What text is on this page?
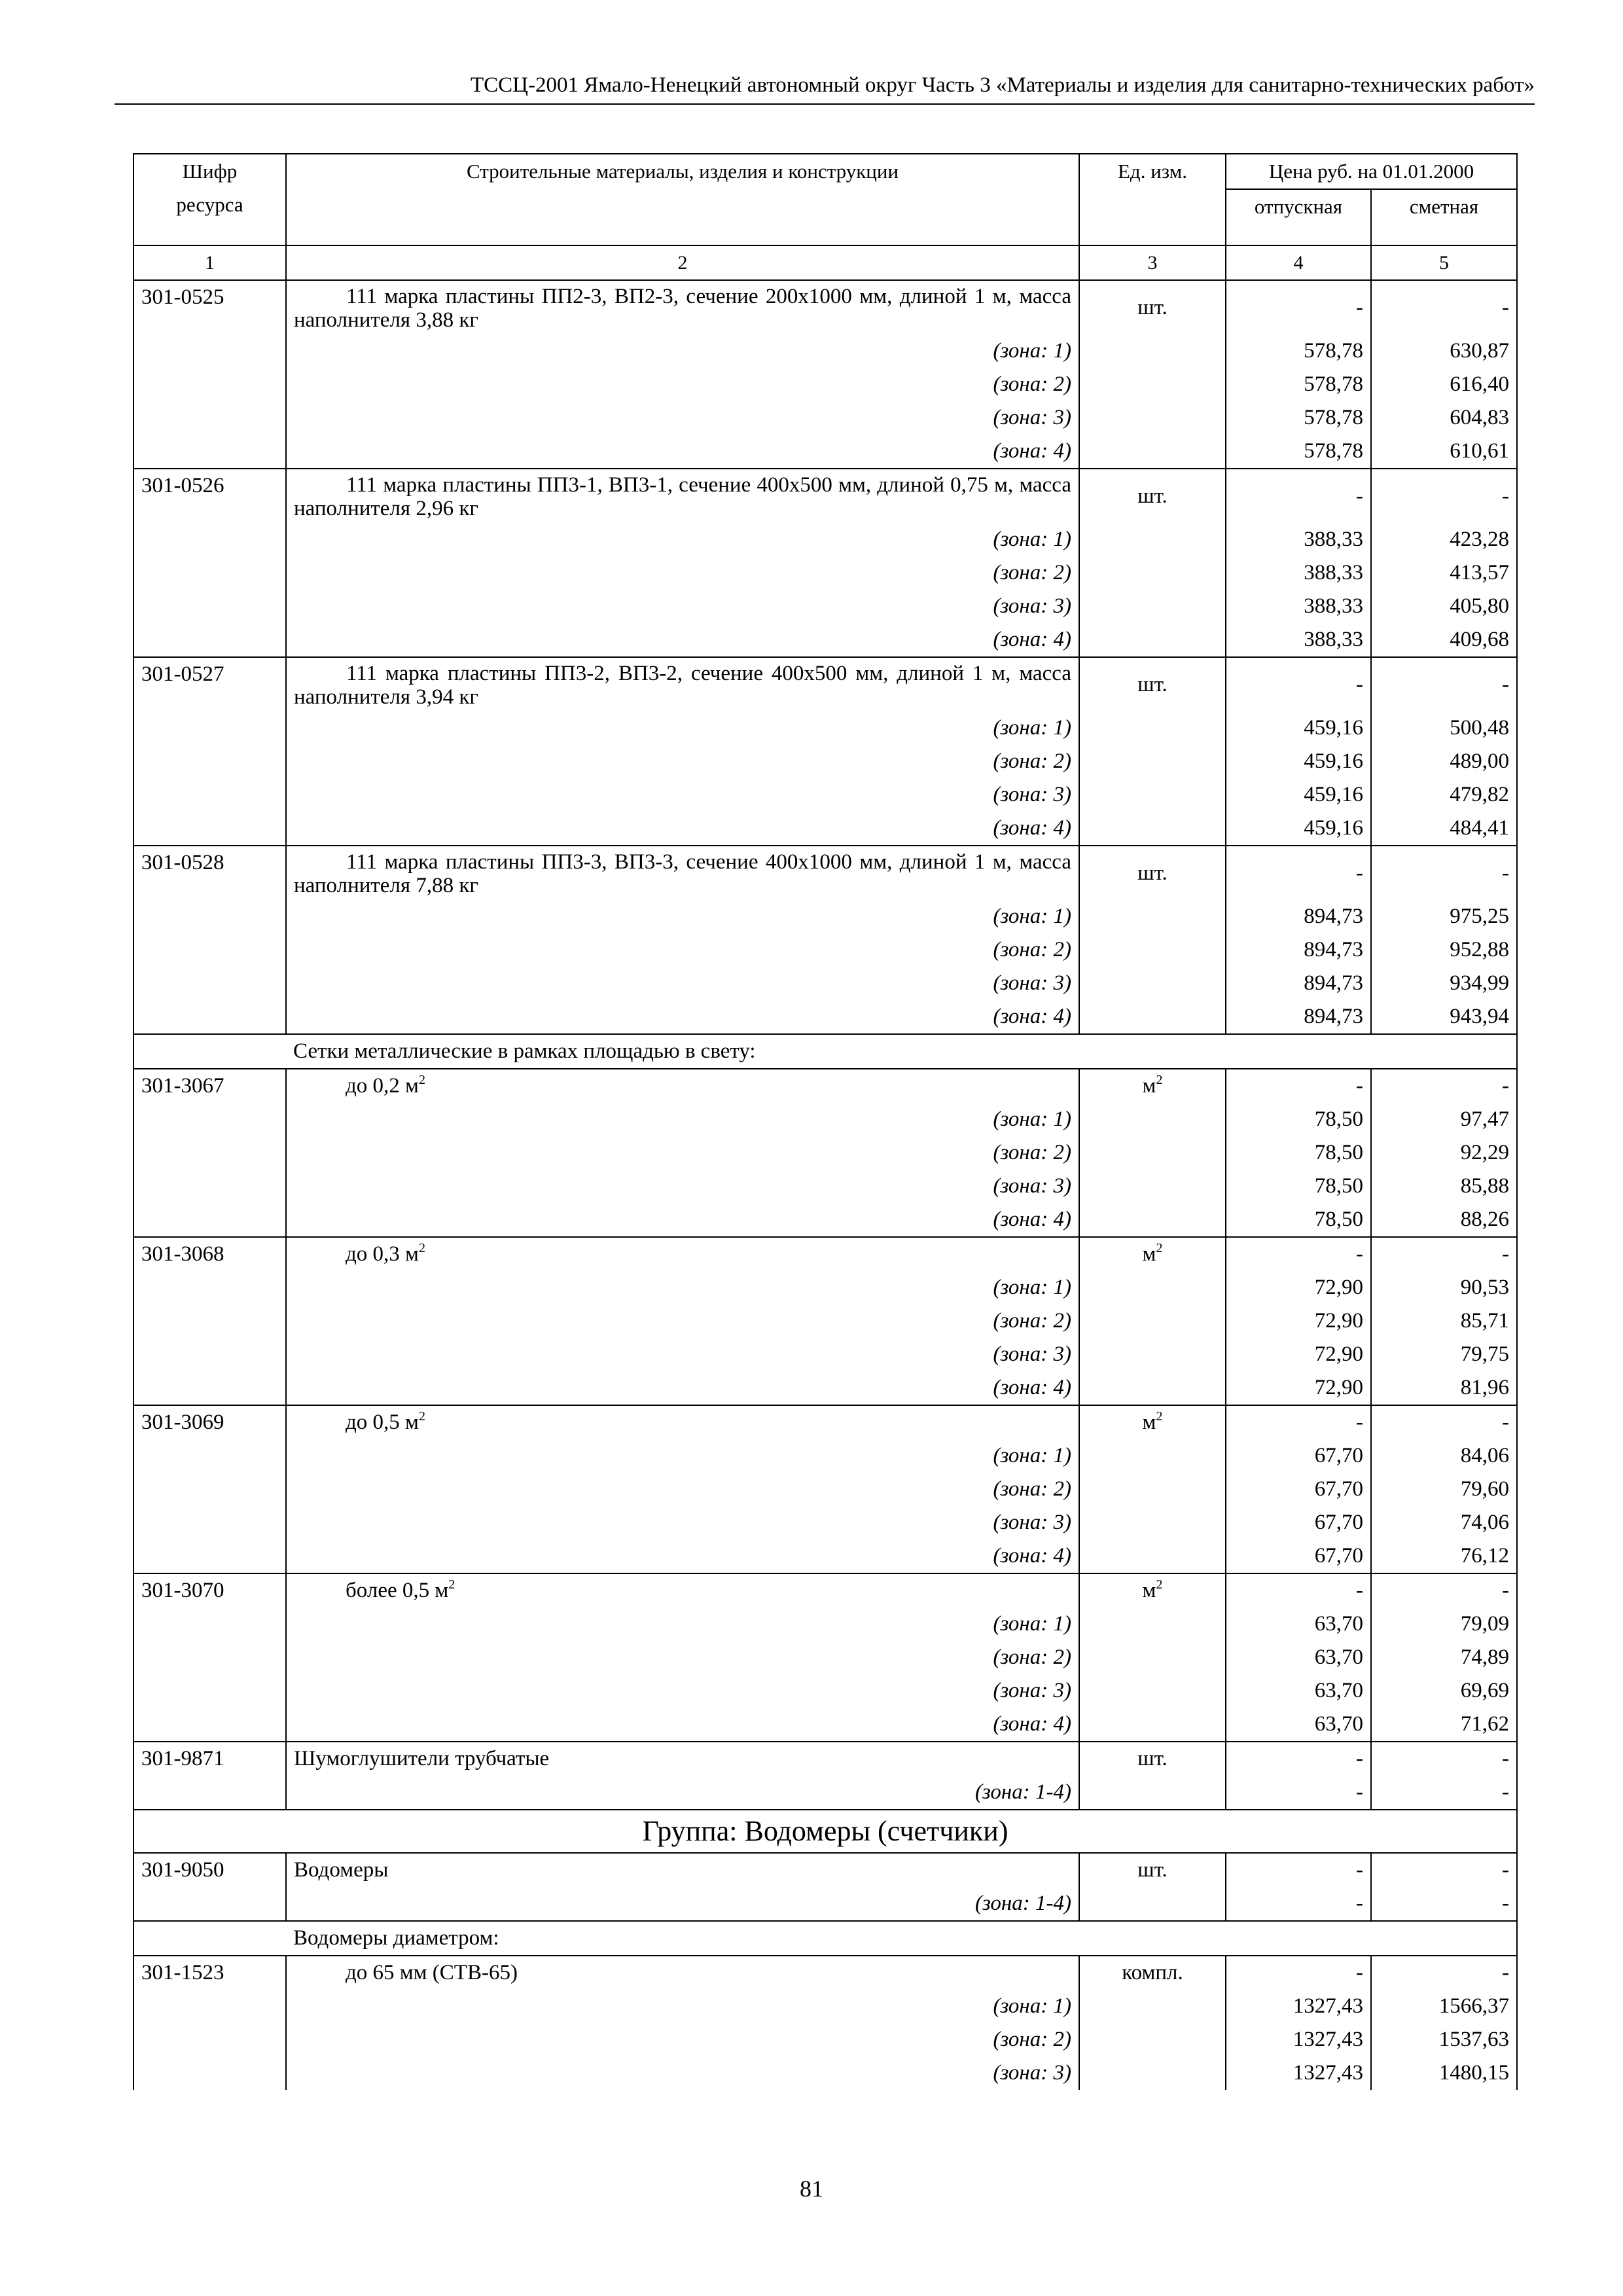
ТССЦ-2001 Ямало-Ненецкий автономный округ Часть 3 «Материалы и изделия для санитарно-технических работ»
Шифр ресурса	Строительные материалы, изделия и конструкции	Ед. изм.	Цена руб. на 01.01.2000	
			отпускная	сметная
1	2	3	4	5
301-0525	111 марка пластины ПП2-3, ВП2-3, сечение 200х1000 мм, длиной 1 м, масса наполнителя 3,88 кг	шт.	-	-
	(зона: 1)		578,78	630,87
	(зона: 2)		578,78	616,40
	(зона: 3)		578,78	604,83
	(зона: 4)		578,78	610,61
301-0526	111 марка пластины ПП3-1, ВП3-1, сечение 400х500 мм, длиной 0,75 м, масса наполнителя 2,96 кг	шт.	-	-
	(зона: 1)		388,33	423,28
	(зона: 2)		388,33	413,57
	(зона: 3)		388,33	405,80
	(зона: 4)		388,33	409,68
301-0527	111 марка пластины ПП3-2, ВП3-2, сечение 400х500 мм, длиной 1 м, масса наполнителя 3,94 кг	шт.	-	-
	(зона: 1)		459,16	500,48
	(зона: 2)		459,16	489,00
	(зона: 3)		459,16	479,82
	(зона: 4)		459,16	484,41
301-0528	111 марка пластины ПП3-3, ВП3-3, сечение 400х1000 мм, длиной 1 м, масса наполнителя 7,88 кг	шт.	-	-
	(зона: 1)		894,73	975,25
	(зона: 2)		894,73	952,88
	(зона: 3)		894,73	934,99
	(зона: 4)		894,73	943,94
	Сетки металлические в рамках площадью в свету:			
301-3067	до 0,2 $м^2$	$м^2$	-	-
	(зона: 1)		78,50	97,47
	(зона: 2)		78,50	92,29
	(зона: 3)		78,50	85,88
	(зона: 4)		78,50	88,26
301-3068	до 0,3 $м^2$	$м^2$	-	-
	(зона: 1)		72,90	90,53
	(зона: 2)		72,90	85,71
	(зона: 3)		72,90	79,75
	(зона: 4)		72,90	81,96
301-3069	до 0,5 $м^2$	$м^2$	-	-
	(зона: 1)		67,70	84,06
	(зона: 2)		67,70	79,60
	(зона: 3)		67,70	74,06
	(зона: 4)		67,70	76,12
301-3070	более 0,5 $м^2$	$м^2$	-	-
	(зона: 1)		63,70	79,09
	(зона: 2)		63,70	74,89
	(зона: 3)		63,70	69,69
	(зона: 4)		63,70	71,62
301-9871	Шумоглушители трубчатые	шт.	-	-
	(зона: 1-4)		-	-
Группа: Водомеры (счетчики)				
301-9050	Водомеры	шт.	-	-
	(зона: 1-4)		-	-
	Водомеры диаметром:			
301-1523	до 65 мм (СТВ-65)	компл.	-	-
	(зона: 1)		1327,43	1566,37
	(зона: 2)		1327,43	1537,63
	(зона: 3)		1327,43	1480,15
81
